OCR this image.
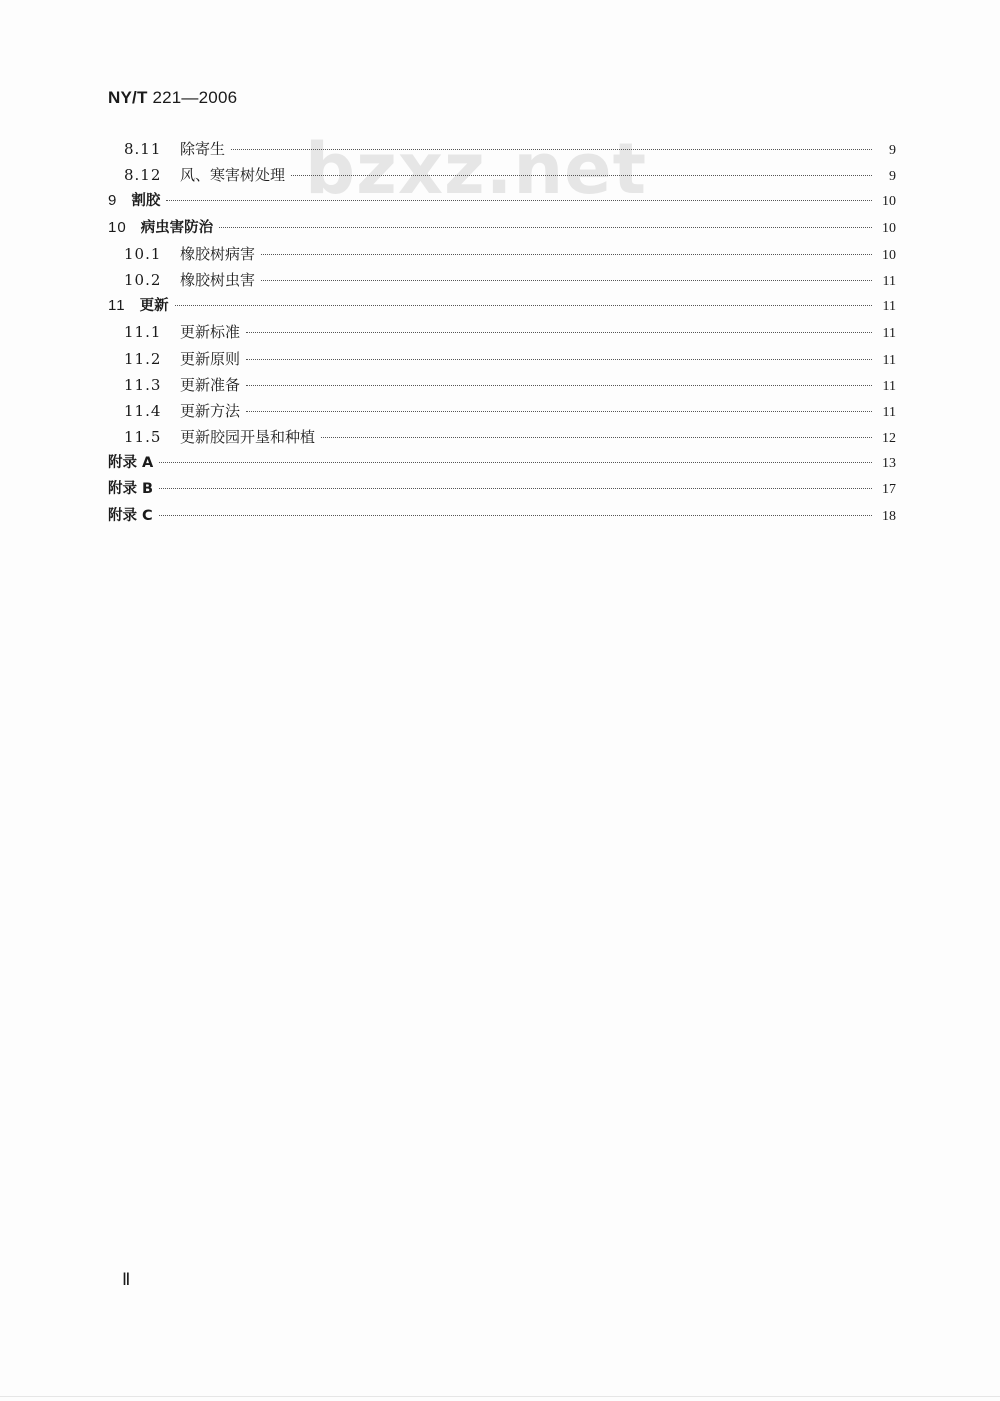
NY/T 221—2006
bzxz.net
8.11	除寄生	9
8.12	风、寒害树处理	9
9 割胶	10
10 病虫害防治	10
10.1	橡胶树病害	10
10.2	橡胶树虫害	11
11 更新	11
11.1	更新标准	11
11.2	更新原则	11
11.3	更新准备	11
11.4	更新方法	11
11.5	更新胶园开垦和种植	12
附录 A	13
附录 B	17
附录 C	18
Ⅱ
